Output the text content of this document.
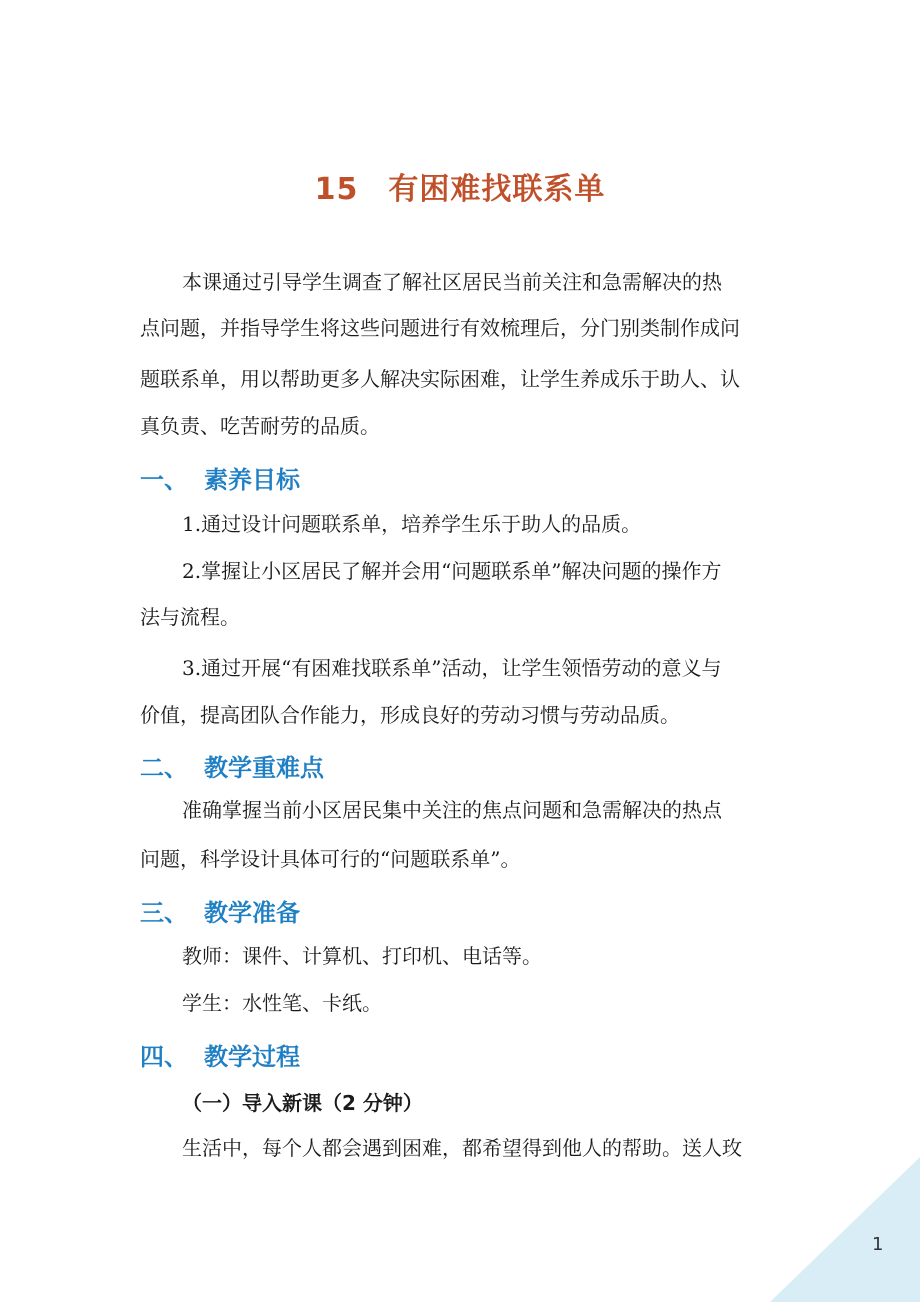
15 有困难找联系单
本课通过引导学生调查了解社区居民当前关注和急需解决的热
点问题，并指导学生将这些问题进行有效梳理后，分门别类制作成问
题联系单，用以帮助更多人解决实际困难，让学生养成乐于助人、认
真负责、吃苦耐劳的品质。
一、 素养目标
1.通过设计问题联系单，培养学生乐于助人的品质。
2.掌握让小区居民了解并会用“问题联系单”解决问题的操作方
法与流程。
3.通过开展“有困难找联系单”活动，让学生领悟劳动的意义与
价值，提高团队合作能力，形成良好的劳动习惯与劳动品质。
二、 教学重难点
准确掌握当前小区居民集中关注的焦点问题和急需解决的热点
问题，科学设计具体可行的“问题联系单”。
三、 教学准备
教师：课件、计算机、打印机、电话等。
学生：水性笔、卡纸。
四、 教学过程
（一）导入新课（2 分钟）
生活中，每个人都会遇到困难，都希望得到他人的帮助。送人玫
1
